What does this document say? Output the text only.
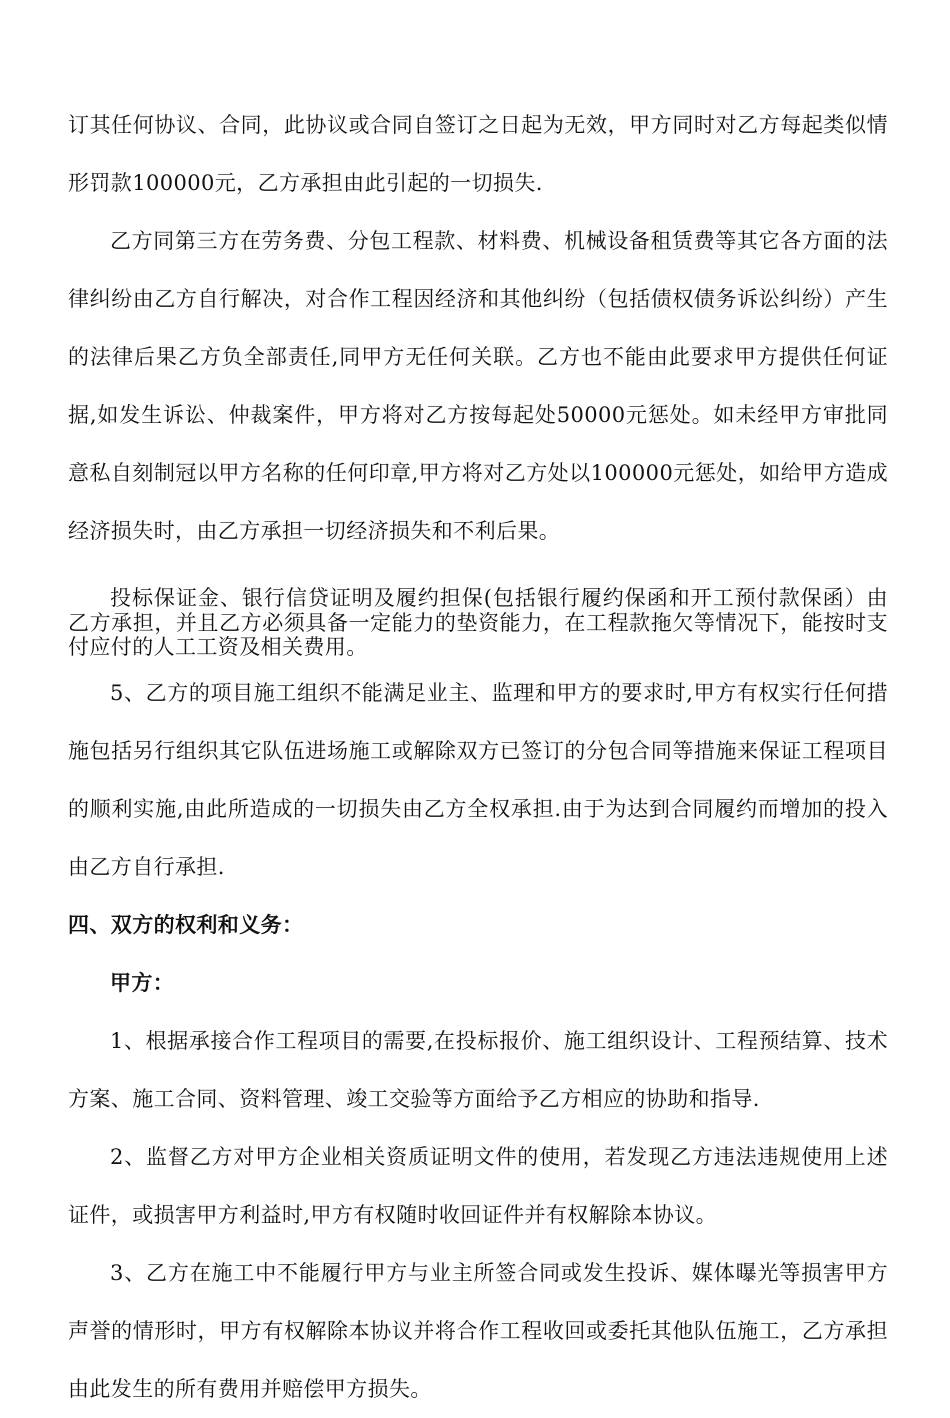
订其任何协议、合同，此协议或合同自签订之日起为无效，甲方同时对乙方每起类似情形罚款100000元，乙方承担由此引起的一切损失.

乙方同第三方在劳务费、分包工程款、材料费、机械设备租赁费等其它各方面的法律纠纷由乙方自行解决，对合作工程因经济和其他纠纷（包括债权债务诉讼纠纷）产生的法律后果乙方负全部责任,同甲方无任何关联。乙方也不能由此要求甲方提供任何证据,如发生诉讼、仲裁案件，甲方将对乙方按每起处50000元惩处。如未经甲方审批同意私自刻制冠以甲方名称的任何印章,甲方将对乙方处以100000元惩处，如给甲方造成经济损失时，由乙方承担一切经济损失和不利后果。

投标保证金、银行信贷证明及履约担保(包括银行履约保函和开工预付款保函）由乙方承担，并且乙方必须具备一定能力的垫资能力，在工程款拖欠等情况下，能按时支付应付的人工工资及相关费用。

5、乙方的项目施工组织不能满足业主、监理和甲方的要求时,甲方有权实行任何措施包括另行组织其它队伍进场施工或解除双方已签订的分包合同等措施来保证工程项目的顺利实施,由此所造成的一切损失由乙方全权承担.由于为达到合同履约而增加的投入由乙方自行承担.

四、双方的权利和义务：

甲方：

1、根据承接合作工程项目的需要,在投标报价、施工组织设计、工程预结算、技术方案、施工合同、资料管理、竣工交验等方面给予乙方相应的协助和指导.

2、监督乙方对甲方企业相关资质证明文件的使用，若发现乙方违法违规使用上述证件，或损害甲方利益时,甲方有权随时收回证件并有权解除本协议。

3、乙方在施工中不能履行甲方与业主所签合同或发生投诉、媒体曝光等损害甲方声誉的情形时，甲方有权解除本协议并将合作工程收回或委托其他队伍施工，乙方承担由此发生的所有费用并赔偿甲方损失。
